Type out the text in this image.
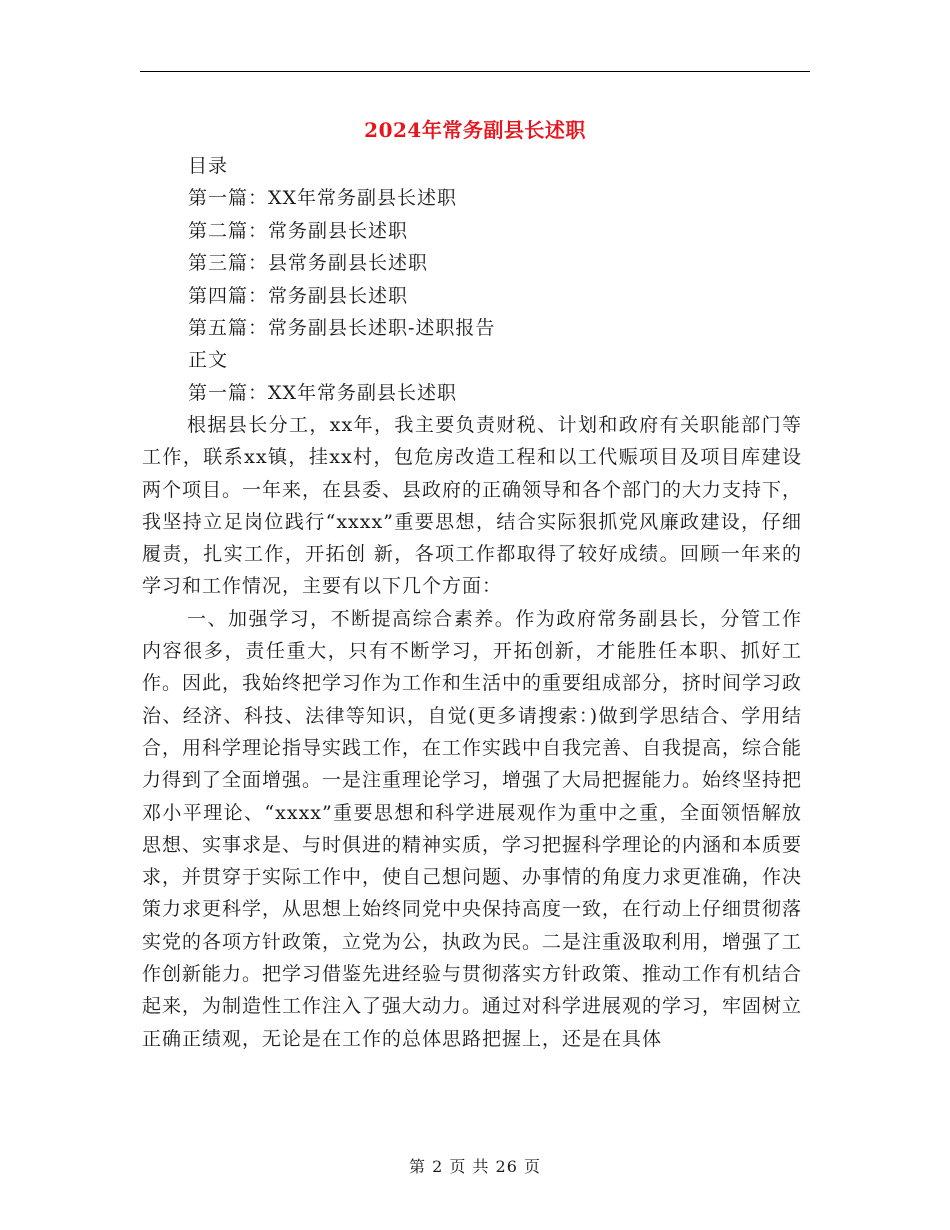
2024年常务副县长述职
目录
第一篇：XX年常务副县长述职
第二篇：常务副县长述职
第三篇：县常务副县长述职
第四篇：常务副县长述职
第五篇：常务副县长述职-述职报告
正文
第一篇：XX年常务副县长述职

根据县长分工，xx年，我主要负责财税、计划和政府有关职能部门等工作，联系xx镇，挂xx村，包危房改造工程和以工代赈项目及项目库建设两个项目。一年来，在县委、县政府的正确领导和各个部门的大力支持下，我坚持立足岗位践行“xxxx”重要思想，结合实际狠抓党风廉政建设，仔细履责，扎实工作，开拓创 新，各项工作都取得了较好成绩。回顾一年来的学习和工作情况，主要有以下几个方面：

一、加强学习，不断提高综合素养。作为政府常务副县长，分管工作内容很多，责任重大，只有不断学习，开拓创新，才能胜任本职、抓好工作。因此，我始终把学习作为工作和生活中的重要组成部分，挤时间学习政治、经济、科技、法律等知识，自觉(更多请搜索：)做到学思结合、学用结合，用科学理论指导实践工作，在工作实践中自我完善、自我提高，综合能力得到了全面增强。一是注重理论学习，增强了大局把握能力。始终坚持把邓小平理论、“xxxx”重要思想和科学进展观作为重中之重，全面领悟解放思想、实事求是、与时俱进的精神实质，学习把握科学理论的内涵和本质要求，并贯穿于实际工作中，使自己想问题、办事情的角度力求更准确，作决策力求更科学，从思想上始终同党中央保持高度一致，在行动上仔细贯彻落实党的各项方针政策，立党为公，执政为民。二是注重汲取利用，增强了工作创新能力。把学习借鉴先进经验与贯彻落实方针政策、推动工作有机结合起来，为制造性工作注入了强大动力。通过对科学进展观的学习，牢固树立正确正绩观，无论是在工作的总体思路把握上，还是在具体

第 2 页 共 26 页
